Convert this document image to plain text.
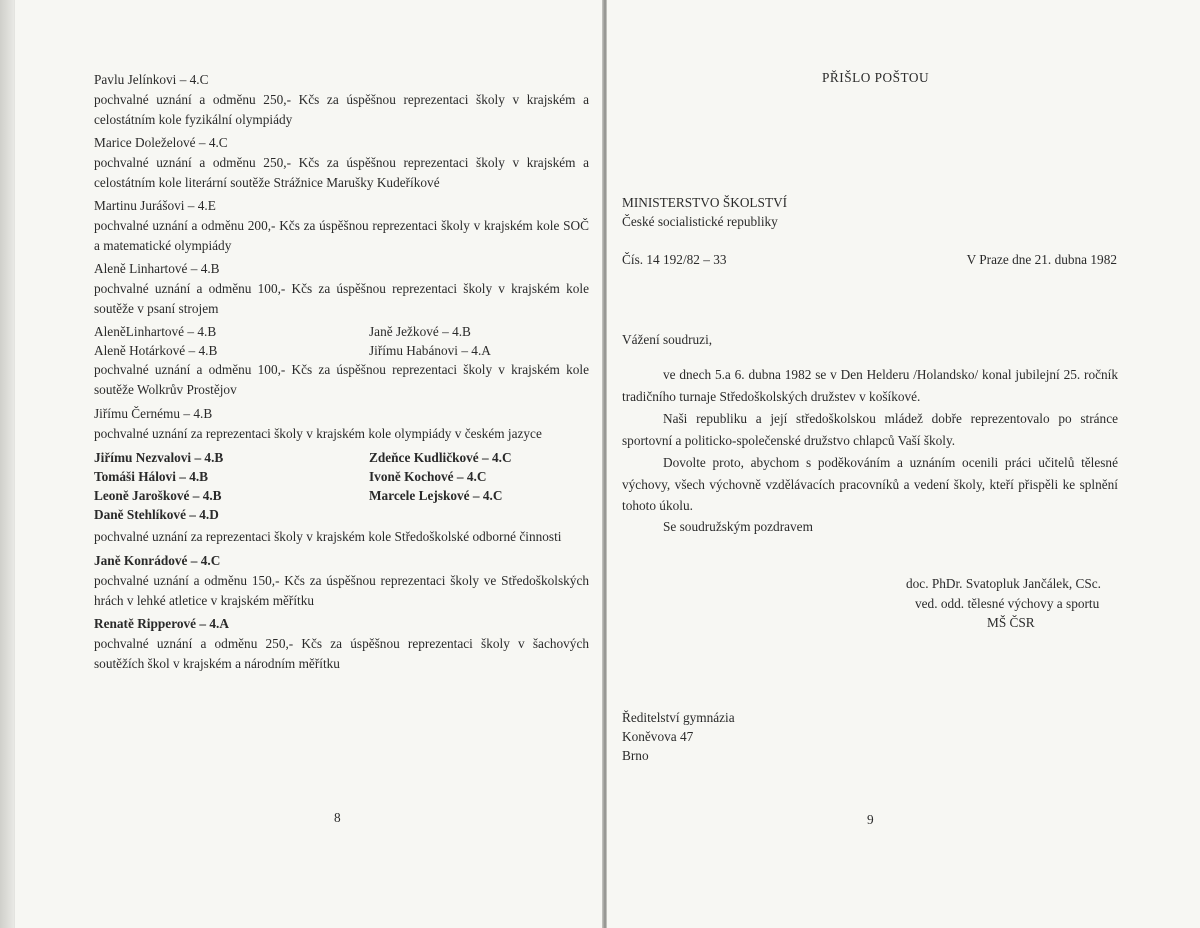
Pavlu Jelínkovi – 4.C
pochvalné uznání a odměnu 250,- Kčs za úspěšnou reprezentaci školy v krajském a celostátním kole fyzikální olympiády
Marice Doleželové – 4.C
pochvalné uznání a odměnu 250,- Kčs za úspěšnou reprezentaci školy v krajském a celostátním kole literární soutěže Strážnice Marušky Kudeříkové
Martinu Jurášovi – 4.E
pochvalné uznání a odměnu 200,- Kčs za úspěšnou reprezentaci školy v krajském kole SOČ a matematické olympiády
Aleně Linhartové – 4.B
pochvalné uznání a odměnu 100,- Kčs za úspěšnou reprezentaci školy v krajském kole soutěže v psaní strojem
AleněLinhartové – 4.B	Janě Ježkové – 4.B
Aleně Hotárkové – 4.B	Jiřímu Habánovi – 4.A
pochvalné uznání a odměnu 100,- Kčs za úspěšnou reprezentaci školy v krajském kole soutěže Wolkrův Prostějov
Jiřímu Černému – 4.B
pochvalné uznání za reprezentaci školy v krajském kole olympiády v českém jazyce
Jiřímu Nezvalovi – 4.B	Zdeňce Kudličkové – 4.C
Tomáši Hálovi – 4.B	Ivoně Kochové – 4.C
Leoně Jaroškové – 4.B	Marcele Lejskové – 4.C
Daně Stehlíkové – 4.D
pochvalné uznání za reprezentaci školy v krajském kole Středoškolské odborné činnosti
Janě Konrádové – 4.C
pochvalné uznání a odměnu 150,- Kčs za úspěšnou reprezentaci školy ve Středoškolských hrách v lehké atletice v krajském měřítku
Renatě Ripperové – 4.A
pochvalné uznání a odměnu 250,- Kčs za úspěšnou reprezentaci školy v šachových soutěžích škol v krajském a národním měřítku
8
PŘIŠLO POŠTOU
MINISTERSTVO ŠKOLSTVÍ
České socialistické republiky
Čís. 14 192/82 – 33	V Praze dne 21. dubna 1982
Vážení soudruzi,
ve dnech 5.a 6. dubna 1982 se v Den Helderu /Holandsko/ konal jubilejní 25. ročník tradičního turnaje Středoškolských družstev v košíkové.
Naši republiku a její středoškolskou mládež dobře reprezentovalo po stránce sportovní a politicko-společenské družstvo chlapců Vaší školy.
Dovolte proto, abychom s poděkováním a uznáním ocenili práci učitelů tělesné výchovy, všech výchovně vzdělávacích pracovníků a vedení školy, kteří přispěli ke splnění tohoto úkolu.
Se soudružským pozdravem
doc. PhDr. Svatopluk Jančálek, CSc.
ved. odd. tělesné výchovy a sportu
MŠ ČSR
Ředitelství gymnázia
Koněvova 47
Brno
9
